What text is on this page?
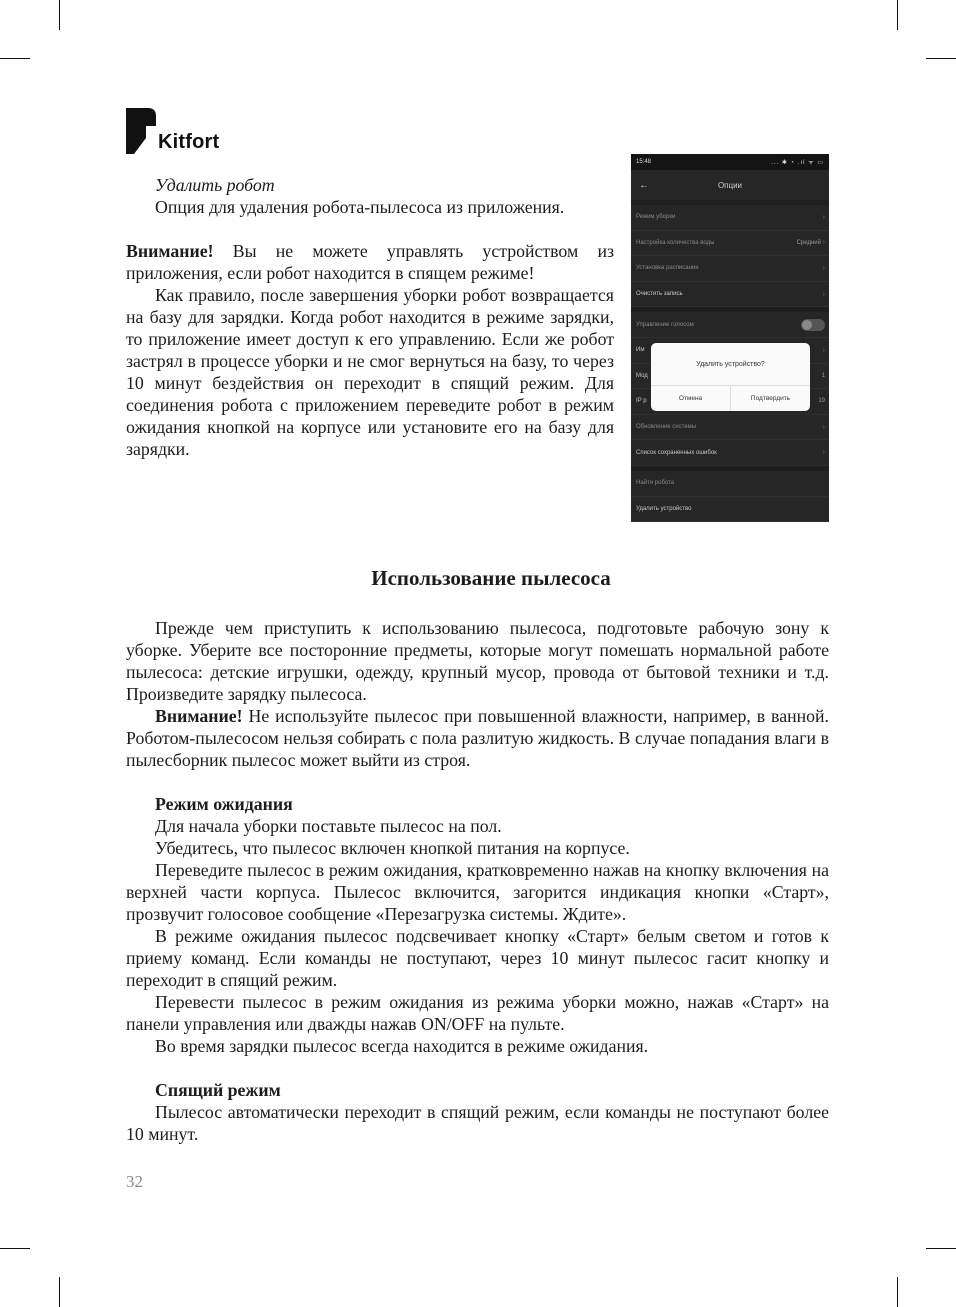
Kitfort

Удалить робот

Опция для удаления робота-пылесоса из приложения.

Внимание! Вы не можете управлять устройством из приложения, если робот находится в спящем режиме!

Как правило, после завершения уборки робот возвращается на базу для зарядки. Когда робот находится в режиме зарядки, то приложение имеет доступ к его управлению. Если же робот застрял в процессе уборки и не смог вернуться на базу, то через 10 минут бездействия он переходит в спящий режим. Для соединения робота с приложением переведите робот в режим ожидания кнопкой на корпусе или установите его на базу для зарядки.

15:48	... ✱ ◔ .ıl ᯤ ▭
←	Опции
Режим уборки	›
Настройка количества воды	Средний ›
Установка расписания	›
Очистить запись	›
Управление голосом
Им	›
Мод	1
IP р	19
Обновление системы	›
Список сохраненных ошибок	›
Найти робота
Удалить устройство
Удалить устройство?
Отмена	Подтвердить
Использование пылесоса

Прежде чем приступить к использованию пылесоса, подготовьте рабочую зону к уборке. Уберите все посторонние предметы, которые могут помешать нормальной работе пылесоса: детские игрушки, одежду, крупный мусор, провода от бытовой техники и т.д. Произведите зарядку пылесоса.

Внимание! Не используйте пылесос при повышенной влажности, например, в ванной. Роботом-пылесосом нельзя собирать с пола разлитую жидкость. В случае попадания влаги в пылесборник пылесос может выйти из строя.

Режим ожидания

Для начала уборки поставьте пылесос на пол.

Убедитесь, что пылесос включен кнопкой питания на корпусе.

Переведите пылесос в режим ожидания, кратковременно нажав на кнопку включения на верхней части корпуса. Пылесос включится, загорится индикация кнопки «Старт», прозвучит голосовое сообщение «Перезагрузка системы. Ждите».

В режиме ожидания пылесос подсвечивает кнопку «Старт» белым светом и готов к приему команд. Если команды не поступают, через 10 минут пылесос гасит кнопку и переходит в спящий режим.

Перевести пылесос в режим ожидания из режима уборки можно, нажав «Старт» на панели управления или дважды нажав ON/OFF на пульте.

Во время зарядки пылесос всегда находится в режиме ожидания.

Спящий режим

Пылесос автоматически переходит в спящий режим, если команды не поступают более 10 минут.

32
